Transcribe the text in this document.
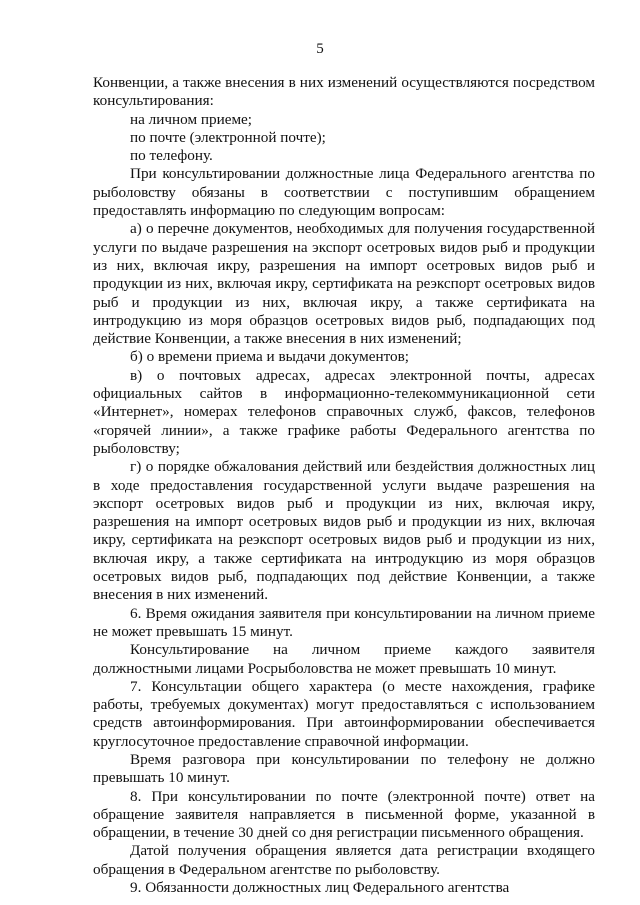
5

Конвенции, а также внесения в них изменений осуществляются посредством консультирования:

на личном приеме;

по почте (электронной почте);

по телефону.

При консультировании должностные лица Федерального агентства по рыболовству обязаны в соответствии с поступившим обращением предоставлять информацию по следующим вопросам:

а) о перечне документов, необходимых для получения государственной услуги по выдаче разрешения на экспорт осетровых видов рыб и продукции из них, включая икру, разрешения на импорт осетровых видов рыб и продукции из них, включая икру, сертификата на реэкспорт осетровых видов рыб и продукции из них, включая икру, а также сертификата на интродукцию из моря образцов осетровых видов рыб, подпадающих под действие Конвенции, а также внесения в них изменений;

б) о времени приема и выдачи документов;

в) о почтовых адресах, адресах электронной почты, адресах официальных сайтов в информационно-телекоммуникационной сети «Интернет», номерах телефонов справочных служб, факсов, телефонов «горячей линии», а также графике работы Федерального агентства по рыболовству;

г) о порядке обжалования действий или бездействия должностных лиц в ходе предоставления государственной услуги выдаче разрешения на экспорт осетровых видов рыб и продукции из них, включая икру, разрешения на импорт осетровых видов рыб и продукции из них, включая икру, сертификата на реэкспорт осетровых видов рыб и продукции из них, включая икру, а также сертификата на интродукцию из моря образцов осетровых видов рыб, подпадающих под действие Конвенции, а также внесения в них изменений.

6. Время ожидания заявителя при консультировании на личном приеме не может превышать 15 минут.

Консультирование на личном приеме каждого заявителя должностными лицами Росрыболовства не может превышать 10 минут.

7. Консультации общего характера (о месте нахождения, графике работы, требуемых документах) могут предоставляться с использованием средств автоинформирования. При автоинформировании обеспечивается круглосуточное предоставление справочной информации.

Время разговора при консультировании по телефону не должно превышать 10 минут.

8. При консультировании по почте (электронной почте) ответ на обращение заявителя направляется в письменной форме, указанной в обращении, в течение 30 дней со дня регистрации письменного обращения.

Датой получения обращения является дата регистрации входящего обращения в Федеральном агентстве по рыболовству.

9. Обязанности должностных лиц Федерального агентства
